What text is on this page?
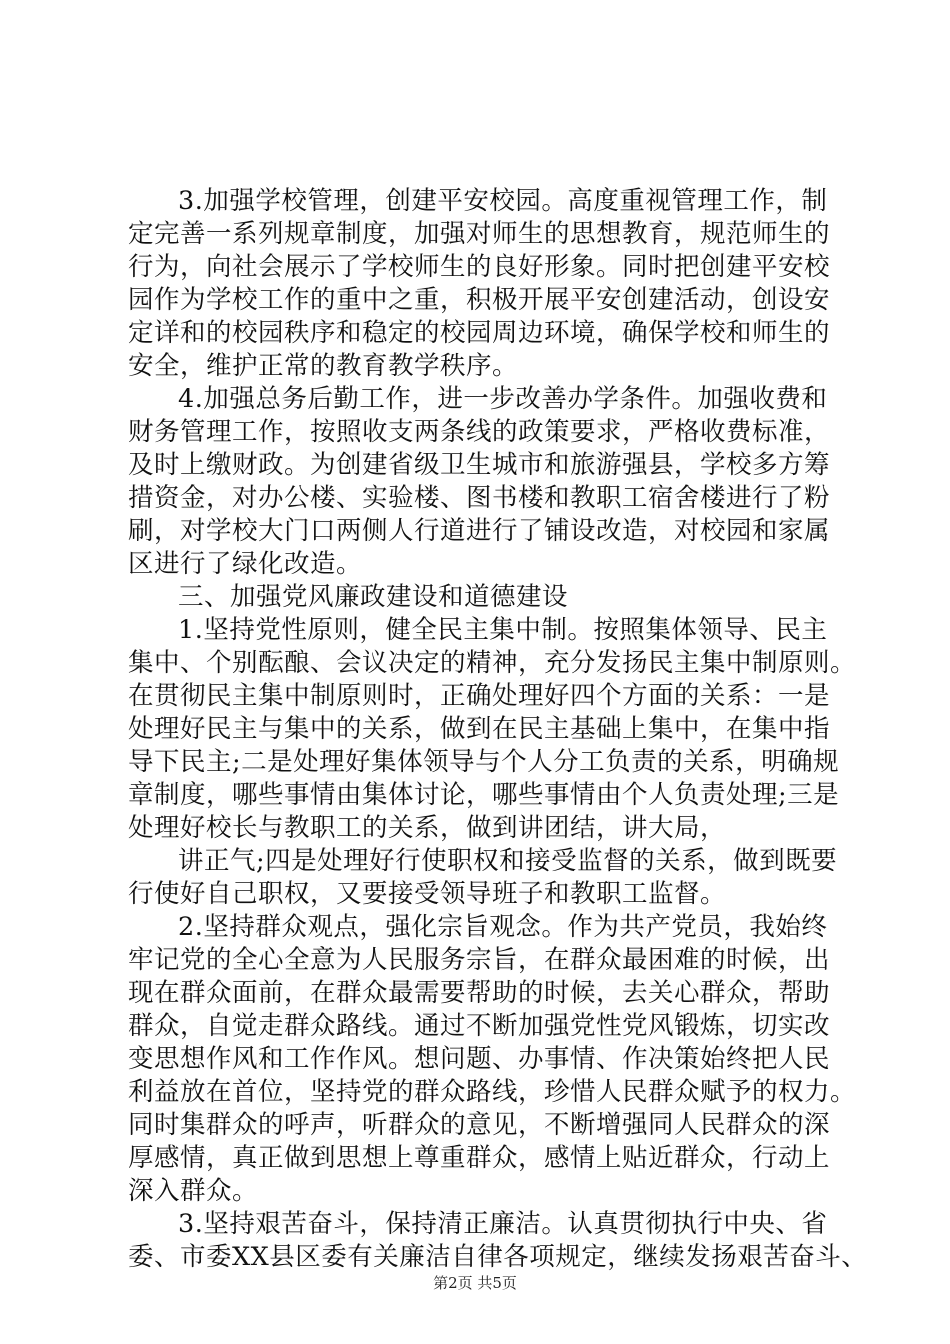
3.加强学校管理，创建平安校园。高度重视管理工作，制
定完善一系列规章制度，加强对师生的思想教育，规范师生的
行为，向社会展示了学校师生的良好形象。同时把创建平安校
园作为学校工作的重中之重，积极开展平安创建活动，创设安
定详和的校园秩序和稳定的校园周边环境，确保学校和师生的
安全，维护正常的教育教学秩序。
4.加强总务后勤工作，进一步改善办学条件。加强收费和
财务管理工作，按照收支两条线的政策要求，严格收费标准，
及时上缴财政。为创建省级卫生城市和旅游强县，学校多方筹
措资金，对办公楼、实验楼、图书楼和教职工宿舍楼进行了粉
刷，对学校大门口两侧人行道进行了铺设改造，对校园和家属
区进行了绿化改造。
三、加强党风廉政建设和道德建设
1.坚持党性原则，健全民主集中制。按照集体领导、民主
集中、个别酝酿、会议决定的精神，充分发扬民主集中制原则。
在贯彻民主集中制原则时，正确处理好四个方面的关系：一是
处理好民主与集中的关系，做到在民主基础上集中，在集中指
导下民主;二是处理好集体领导与个人分工负责的关系，明确规
章制度，哪些事情由集体讨论，哪些事情由个人负责处理;三是
处理好校长与教职工的关系，做到讲团结，讲大局，
讲正气;四是处理好行使职权和接受监督的关系，做到既要
行使好自己职权，又要接受领导班子和教职工监督。
2.坚持群众观点，强化宗旨观念。作为共产党员，我始终
牢记党的全心全意为人民服务宗旨，在群众最困难的时候，出
现在群众面前，在群众最需要帮助的时候，去关心群众，帮助
群众，自觉走群众路线。通过不断加强党性党风锻炼，切实改
变思想作风和工作作风。想问题、办事情、作决策始终把人民
利益放在首位，坚持党的群众路线，珍惜人民群众赋予的权力。
同时集群众的呼声，听群众的意见，不断增强同人民群众的深
厚感情，真正做到思想上尊重群众，感情上贴近群众，行动上
深入群众。
3.坚持艰苦奋斗，保持清正廉洁。认真贯彻执行中央、省
委、市委XX县区委有关廉洁自律各项规定，继续发扬艰苦奋斗、
第2页 共5页
